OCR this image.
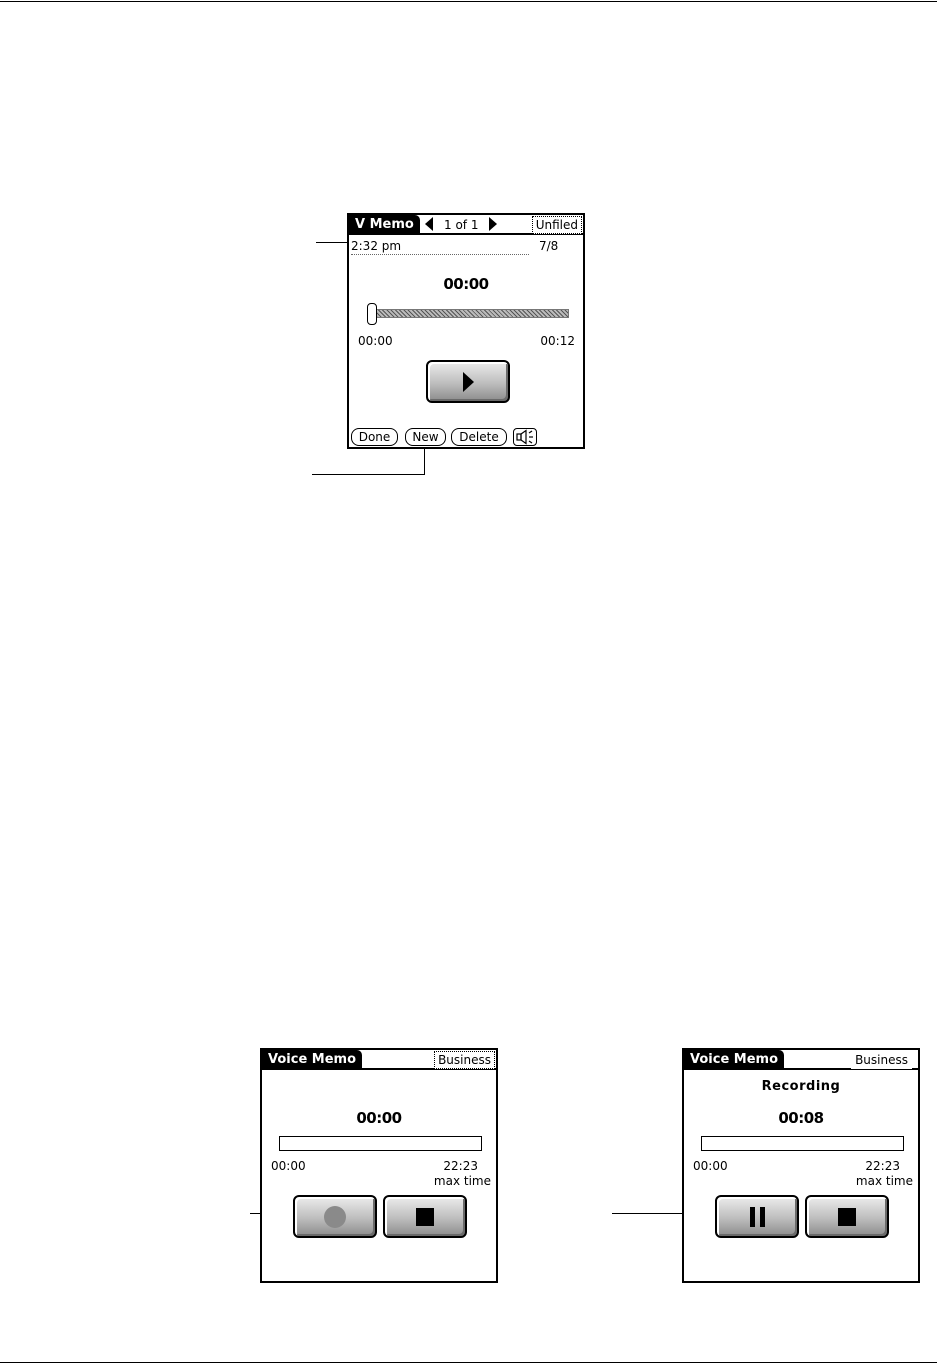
V Memo	1 of 1	Unfiled
2:32 pm	7/8
00:00
00:00	00:12
Done	New	Delete
Voice Memo	Business
00:00
00:00	22:23
max time
Voice Memo	Business
Recording
00:08
00:00	22:23
max time
